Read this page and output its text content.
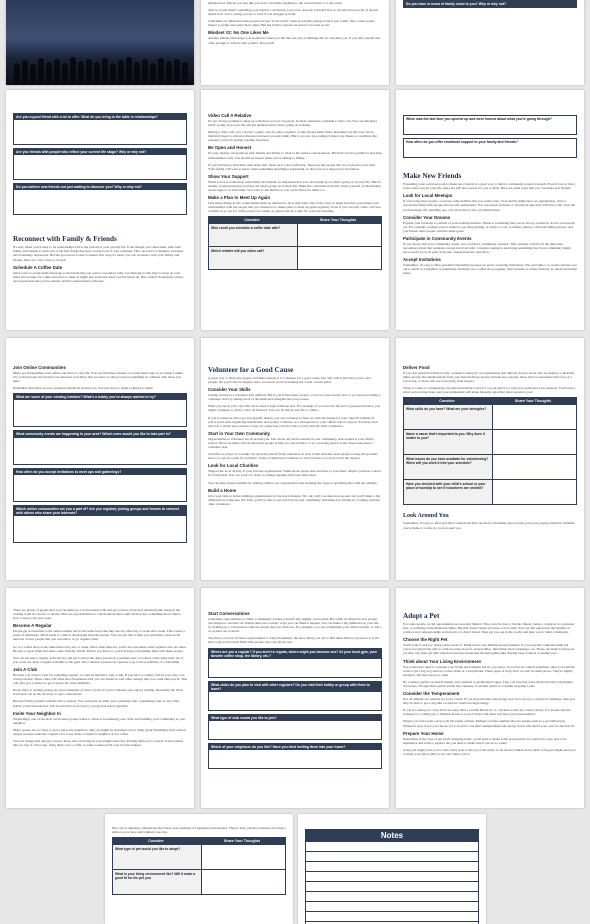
embarrassed. Maybe you feel like you don't contribute anything to the conversation or to the event.

This is a trade belief: something your mind is convincing you is true. Anyone can learn how to become more social. It doesn't matter how old or young you are or even if you struggle socially.

Sometimes we think that some people are just "born social" when in actuality being social is just a skill. Sure, some people master it earlier and easier than others. But the truth is anyone can learn to become social.

Mindset #2: No One Likes Me

Another mindset that keeps you isolated is when you fall into the trap of thinking that no one likes you. If you tell yourself this often enough, it will become a belief. That you'll

Do you have or know of family close to you? Why or why not?
Are you a good friend with a lot to offer. What do you bring to the table in relationships?
Are you friends with people who reflect your current life stage? Why or why not?
Do you believe new friends out just waiting to discover you? Why or why not?
Reconnect with Family & Friends

It's easy when you're busy to let relationships fall to the bottom of your priority list. Even though you value them, time with family and friends is often one of the first things that gets crowded out of your schedule. This can lead to loneliness, isolation, and eventually depression. But the good news is that no matter how long it's been, you can reconnect with your family and friends. Here are a few ways to do that.

Schedule A Coffee Date

Send a text or social media message to the friend that you want to reconnect with. Let them know that they've been on your mind and arrange for a time and place to meet. It might feel awkward when you first meet up. But connect through the stories and experiences that you've shared, and the awkwardness will ease.

Video Call A Relative

It's not always possible to meet up with those we love in person. In these situations, schedule a video call. You can still share what's going on in your life and get updated about what's going on in theirs.

During a video call, you can play a game, watch a show together, or talk about family times. Reaching out this way can be helpful if there's a physical distance between you and family. But it can also be soothing if there's an illness or condition that prevents you from getting together in person.

Be Open and Honest

It's easy during conversations with friends and family to stick to the surface conversations. But that's not how intimacy and deep relationships work. You should be honest when you're talking to family.

If you're having a hard time, then share that. Open up if you're suffering. These are the people that you want most real with. Your family will want to know when something upsetting is happening, so don't put on a happy face and fake it.

Show Your Support

When you're reconnecting with family and friends, it's important that you catch them up on what's going on in your life. But it's equally as important that you find out what's going on in their life. Make the conversation mostly about yourself. A relationship needs support on both sides. You want to ask them how you can be there for them, too.

Make a Plan to Meet Up Again

Like many things in life, relationships must be nurtured to be at their best. One of the ways to make sure that you nurture your relationships with the people that you treasure is to make plans to meet up again regularly. Even if you can only video call once a month or go out for coffee every few weeks, go ahead and set a date for your next meeting.

Consider	Share Your Thoughts
Who could you schedule a coffee date with?
Which relative will you video call?
When was the last time you opened up and were honest about what you're going through?
How often do you offer emotional support to your family and friends?
Make New Friends

Expanding your social network to make new friends is a great way to build a community around yourself. Even if you've lived in the same area all your life, there are still new people for you to meet. Here are some ways that you can make new friends.

Look for Local Meetups

If you're like most people, you have some hobbies that you really enjoy. Your hobby might have an organization, club or association filled with people that are also enthusiasts. You can search websites or download apps that will have a list of all the local meetups. By attending one, you never know who you might meet!

Consider Your Dreams

Expand your horizons to outside of your existing hobbies. Think of something that you've always wanted to do but you haven't yet. For example, perhaps you've wanted to go hang gliding, or learn to cook. Consider joining a club and taking lessons, and you'll meet other people with the same goals.

Participate in Community Events

If you check with your community center, you can find a community calendar. This calendar will list all the important upcoming events that residents can get involved with. Consider joining in and doing something fun. Your community might have events for local park clean ups, annual festivals, and more.

Accept Invitations

Sometimes, it's easy to miss potential friendships because we aren't accepting invitations. The next time a co-worker invites you out to lunch or a neighbor recommends checking out a coffee shop together, don't hesitate or refuse. Instead, go ahead and make plans.

Join Online Communities

Many good friendships start online and move to real life. You can find these friends on social media apps or in online forums. Try to find groups that match your interests or hobbies that you have so that you have something in common with those you meet.

Remember that there are new potential friends all around you. You just have to begin looking for them!

What are some of your existing hobbies? What's a hobby you've always wanted to try?
What community events are happening in your area? Which ones would you like to take part in?
How often do you accept invitations to meet ups and gatherings?
Which online communities are you a part of? Are you regularly joining groups and forums to connect with others who share your interests?
Volunteer for a Good Cause

A great way to meet new people and make friends is to volunteer for a good cause. Not only will it introduce you to new people, but you'll also be happier since you know you'll be making the world a better place.

Consider Your Skills

Getting started as a volunteer isn't difficult. But if you're like many people, you're not sure exactly how to go about becoming a volunteer. Start by taking stock of the skills and strengths that you possess.

What you use in your own life can be used to help someone else. For example, if you excel in the area of personal finance, you might volunteer to teach a class on finances. You can do this in real life or online.

If you're someone who's good at graphic design, you can volunteer to help out with the design for your church's bulletin. If you're good with organizing information and people, volunteer as a chairperson to your child's school carpool. You may even discover a whole new passion or type of connection you'd be able to form with the other volunteers.

Start in Your Own Community

Opportunities to volunteer are all around you. Just check out what's needed in your community. Ask around at your child's school. There are many schools that need people to help as a bus monitor or as a crossing guard. Some classrooms need a volunteer aide.

Churches or places of worship can typically benefit from volunteers as well. Some churches need people to keep the grounds neat or to set up rooms for activities. Some of them need volunteers to teach classes or to help out in the nursery.

Look for Local Charities

Support the local charity of your favorite organization. Think about causes near and dear to your heart. Maybe you have a heart for foster kids. You can work at a drive to arrange supplies that foster kids need.

You can help abused animals by visiting animal care organizations and cleaning the cages or spending time with the animals.

Build a Home

Give your time to home building organizations for the less fortunate. Not only will you meet new people, but you'll make a big difference in someone's life. Plus, you'll be able to get involved in your community and make new friends by working with the other volunteers.

Deliver Food

If you don't mind traveling locally, consider looking for an organization that delivers food to those who are elderly or disabled. Other groups that might benefit from your meal delivery service include new parents, those who've experienced the loss of a loved one, or those who are recovering from surgery.

When it comes to volunteering, the important thing is that it's a good match for both your skills and your passions. You'll enjoy what you're doing more, and your enthusiasm will shine through, attracting other people to you!

Consider	Share Your Thoughts
What skills do you have? What are your strengths?
Name a cause that's important to you. Why does it matter to you?
What issues do you have available for volunteering? When will you work it into your schedule?
Have you checked with your child's school or your place of worship to see if volunteers are needed?
Look Around You

Sometimes, it's easy to miss potential connections that can lead to friendship just because you're not paying attention. Whether you're home or on the go, look around you.

There are plenty of people that you can strike up a conversation with and get to know. Everyday situations like being in the waiting room at a doctor or dental office are opportunities for conversations that could develop into something more. Here's how to keep your eyes open.

Become A Regular

People get accustomed to the same routines and to the same faces that they see day after day or week after week. This causes a sense of familiarity which leads to comfort developing between people. You can use this to help you establish a wide social network of new people that you can talk to or go together with.

Go to a coffee shop at the same time every day or week. More often than not, you'll also encounter other regulars who are there. Be sure to greet them and share some friendly chatter. Before you know it, you'll develop a friendship built with these people.

You can become a regular at the library and get to know the other patrons if you make sure to be there at the same time. Or, if you work out, keep a regular schedule at the gym. This common ground can open the way to the possibility of a friendship.

Join A Club

Because you want to look for something regular, it could be helpful to join a club. If you have a country club in your area, you could join that. These clubs will often have fundraisers that you can attend as well other outings that you could take part in. This will give you a chance to get to know the other members.

Book clubs or reading groups are great examples of clubs to join. If you're someone who enjoys reading, discussing the latest book pick can be the doorway to new connections!

But don't limit yourself with the above options. You could just as easily join a painting club, a gardening club, or any other hobby you're interested in. Just be sure that you look for a group that meets regularly.

Invite Your Neighbor In

Surprisingly, one of the most overlooked groups when it comes to broadening your circle and building your community is your neighbor.

Many people are too busy to get to know the neighbors. But you might be surprised at how many great friendships have started simply because someone stopped over to say hello or invited a neighbor in for coffee.

You can change this and get to know those who are living in your neighborhood by inviting them in for a meal. If that sounds like too big of a first step, bring them over a coffee or some cookies from your favorite bakery.

Start Conversations

Sometimes opportunities to build a community around yourself only slightly overlooked. But while we think the new people just happen to become our friends there are so many ways you can make it happen. You can make a big difference in your life by striking up a conversation with the people that you often see. For example, you can compliment your child's teacher, or ask a co-worker out to lunch.

The more you look for these opportunities to form friendships, the more likely you are to find them. Before you know it you'll have a big social circle filled with people who care about you!

Where are you a regular? If you aren't a regular, where might you become one? At your local gym, your favorite coffee shop, the library, etc.?
What clubs do you plan to visit with other regulars? Do you visit their hobby or group with them to bond?
What type of club would you like to join?
Which of your neighbors do you like? Have you tried inviting them into your home?
Adopt a Pet

For some people, social opportunities are severely limited. This could be due to chronic illness, being a caregiver for someone else, or suffering from limited mobility. But that doesn't mean you have to be lonely. You can still appreciate the benefits of comfort and companionship in the form of a furry friend. They get you out in the world, and help you to build community.

Choose the Right Pet

You'll want to start by doing some research. Think about your limitations and abilities. If you want the companionship but you're not physically able to walk an active dog for several miles, then think about adopting a cat. These can make loving pets, yet they can often get their physical exercises needs met through games like chasing laser pointers or feather toys.

Think about Your Living Environment

You would also need to consider your living environment before you adopt. If you live in a small apartment, then you wouldn't want to get a big dog such as a Great Dane or a Greyhound. These types of dogs don't do well in small places. They're highly energetic and need space to roam.

By contrast, gerbils are much smaller and confined to gerbil/small cages. They can however learn tricks and show big human characters. Though most gerbils prefer the company of another gerbil so consider adopting a pair.

Consider the Temperament

Not all animals are suitable for every owner. If you have the time and energy and can look up to a physical challenge, then you may be able to get a dog like a Labrador which are high energy.

If you're looking for a dog that's low-key, then a Golden Retriever or a Spaniel would be a better choice. For people that are looking for a cuddly pet, a Siamese house is a good choice and these cats have good personalities.

Maybe you don't want a dog at all but prefer a kitten. Perhaps you like animals that are unique such as a pot-bellied pig. Whatever type of pet you choose, try to look for one that's temperament and energy levels will match your own for the best fit.

Prepare Your Home

Regardless of the type of pet you're bringing home, you'll need to make some preparations. It's natural for new pets to be inquisitive and want to explore but you need to make sure it can do so safely.

A tiny pet might want you to add a baby gate to the top of the stairs, so he doesn't tumble down them. A big pet might need you to make your fence taller so he can't jump over it.

Pets can be amazing companions that chase away feelings of loneliness and isolation. They're silly, playful creatures can bring a smile to your face and brighten your day.

Consider	Share Your Thoughts
What type of pet would you like to adopt?
What is your living environment like? Will it make a good fit for the pet you
Notes
